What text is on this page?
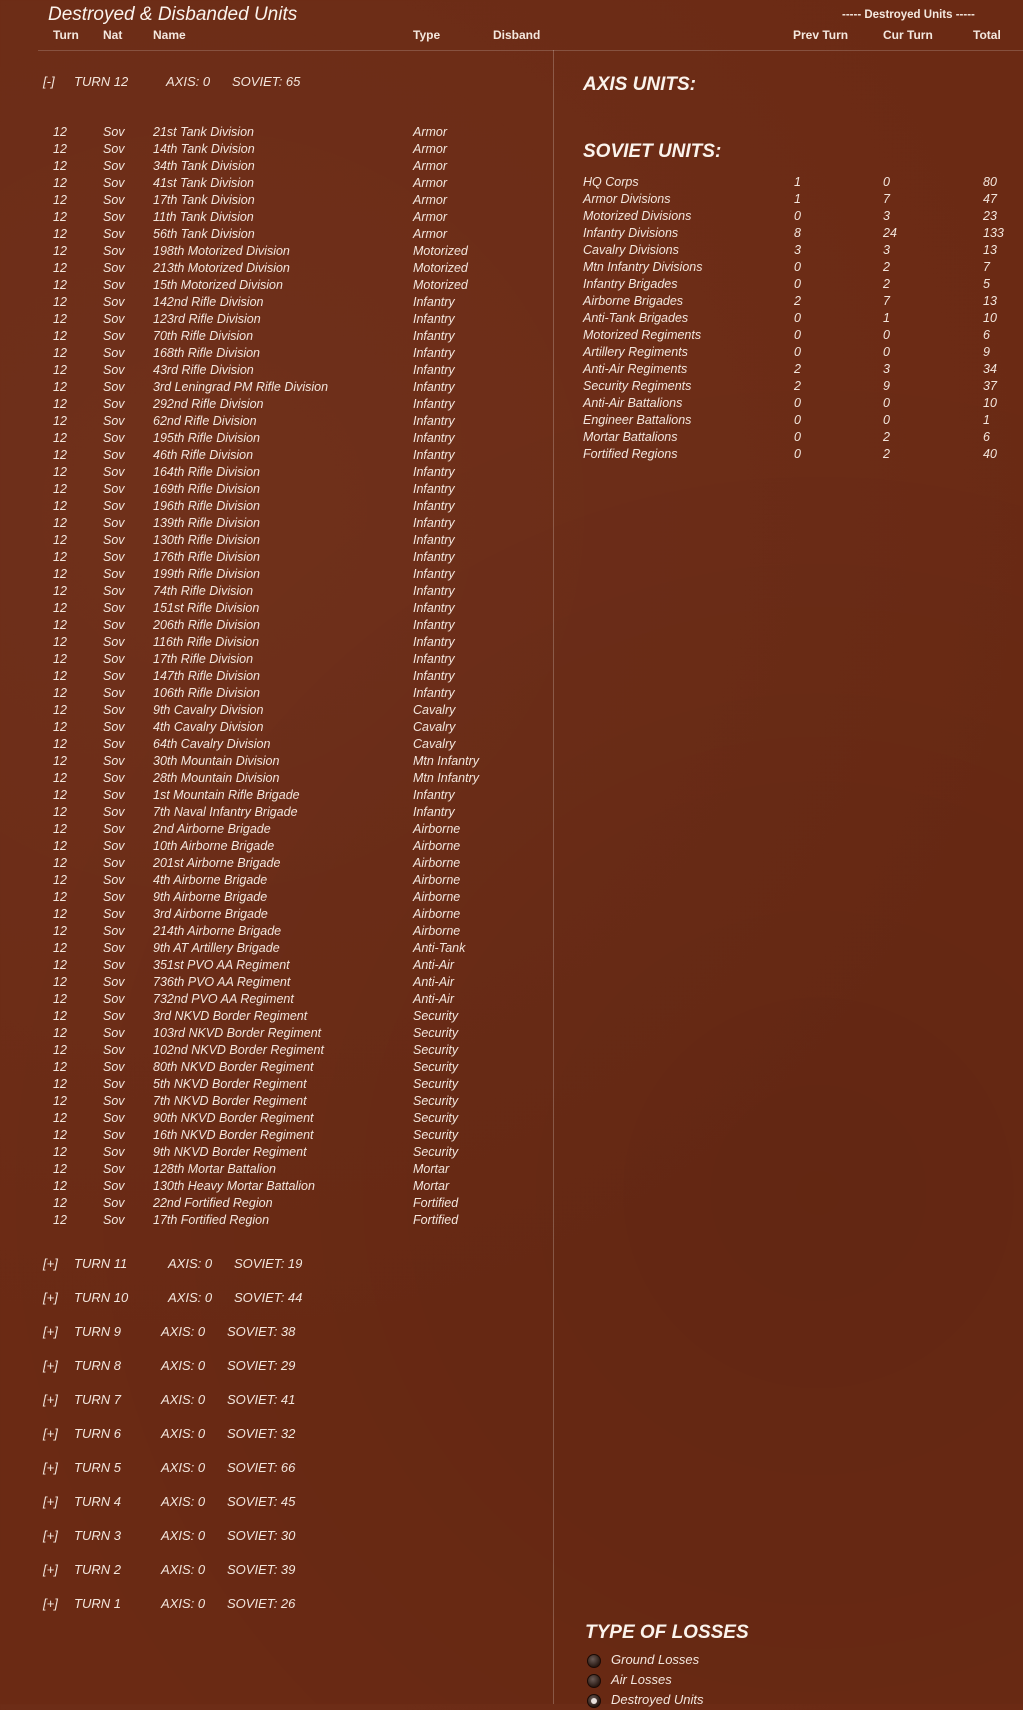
Destroyed & Disbanded Units
Turn Nat	Name	Type	Disband
----- Destroyed Units -----
Prev Turn	Cur Turn	Total
[-] TURN 12	AXIS: 0 SOVIET: 65
12	Sov 21st Tank Division	Armor
12	Sov 14th Tank Division	Armor
12	Sov 34th Tank Division	Armor
12	Sov 41st Tank Division	Armor
12	Sov 17th Tank Division	Armor
12	Sov 11th Tank Division	Armor
12	Sov 56th Tank Division	Armor
12	Sov 198th Motorized Division	Motorized
12	Sov 213th Motorized Division	Motorized
12	Sov 15th Motorized Division	Motorized
12	Sov 142nd Rifle Division	Infantry
12	Sov 123rd Rifle Division	Infantry
12	Sov 70th Rifle Division	Infantry
12	Sov 168th Rifle Division	Infantry
12	Sov 43rd Rifle Division	Infantry
12	Sov 3rd Leningrad PM Rifle Division	Infantry
12	Sov 292nd Rifle Division	Infantry
12	Sov 62nd Rifle Division	Infantry
12	Sov 195th Rifle Division	Infantry
12	Sov 46th Rifle Division	Infantry
12	Sov 164th Rifle Division	Infantry
12	Sov 169th Rifle Division	Infantry
12	Sov 196th Rifle Division	Infantry
12	Sov 139th Rifle Division	Infantry
12	Sov 130th Rifle Division	Infantry
12	Sov 176th Rifle Division	Infantry
12	Sov 199th Rifle Division	Infantry
12	Sov 74th Rifle Division	Infantry
12	Sov 151st Rifle Division	Infantry
12	Sov 206th Rifle Division	Infantry
12	Sov 116th Rifle Division	Infantry
12	Sov 17th Rifle Division	Infantry
12	Sov 147th Rifle Division	Infantry
12	Sov 106th Rifle Division	Infantry
12	Sov 9th Cavalry Division	Cavalry
12	Sov 4th Cavalry Division	Cavalry
12	Sov 64th Cavalry Division	Cavalry
12	Sov 30th Mountain Division	Mtn Infantry
12	Sov 28th Mountain Division	Mtn Infantry
12	Sov 1st Mountain Rifle Brigade	Infantry
12	Sov 7th Naval Infantry Brigade	Infantry
12	Sov 2nd Airborne Brigade	Airborne
12	Sov 10th Airborne Brigade	Airborne
12	Sov 201st Airborne Brigade	Airborne
12	Sov 4th Airborne Brigade	Airborne
12	Sov 9th Airborne Brigade	Airborne
12	Sov 3rd Airborne Brigade	Airborne
12	Sov 214th Airborne Brigade	Airborne
12	Sov 9th AT Artillery Brigade	Anti-Tank
12	Sov 351st PVO AA Regiment	Anti-Air
12	Sov 736th PVO AA Regiment	Anti-Air
12	Sov 732nd PVO AA Regiment	Anti-Air
12	Sov 3rd NKVD Border Regiment	Security
12	Sov 103rd NKVD Border Regiment	Security
12	Sov 102nd NKVD Border Regiment	Security
12	Sov 80th NKVD Border Regiment	Security
12	Sov 5th NKVD Border Regiment	Security
12	Sov 7th NKVD Border Regiment	Security
12	Sov 90th NKVD Border Regiment	Security
12	Sov 16th NKVD Border Regiment	Security
12	Sov 9th NKVD Border Regiment	Security
12	Sov 128th Mortar Battalion	Mortar
12	Sov 130th Heavy Mortar Battalion	Mortar
12	Sov 22nd Fortified Region	Fortified
12	Sov 17th Fortified Region	Fortified
[+] TURN 11	AXIS: 0 SOVIET: 19
[+] TURN 10	AXIS: 0 SOVIET: 44
[+] TURN 9	AXIS: 0 SOVIET: 38
[+] TURN 8	AXIS: 0 SOVIET: 29
[+] TURN 7	AXIS: 0 SOVIET: 41
[+] TURN 6	AXIS: 0 SOVIET: 32
[+] TURN 5	AXIS: 0 SOVIET: 66
[+] TURN 4	AXIS: 0 SOVIET: 45
[+] TURN 3	AXIS: 0 SOVIET: 30
[+] TURN 2	AXIS: 0 SOVIET: 39
[+] TURN 1	AXIS: 0 SOVIET: 26
AXIS UNITS:
SOVIET UNITS:
HQ Corps	1	0	80
Armor Divisions	1	7	47
Motorized Divisions	0	3	23
Infantry Divisions	8	24	133
Cavalry Divisions	3	3	13
Mtn Infantry Divisions	0	2	7
Infantry Brigades	0	2	5
Airborne Brigades	2	7	13
Anti-Tank Brigades	0	1	10
Motorized Regiments	0	0	6
Artillery Regiments	0	0	9
Anti-Air Regiments	2	3	34
Security Regiments	2	9	37
Anti-Air Battalions	0	0	10
Engineer Battalions	0	0	1
Mortar Battalions	0	2	6
Fortified Regions	0	2	40
TYPE OF LOSSES
Ground Losses
Air Losses
Destroyed Units
